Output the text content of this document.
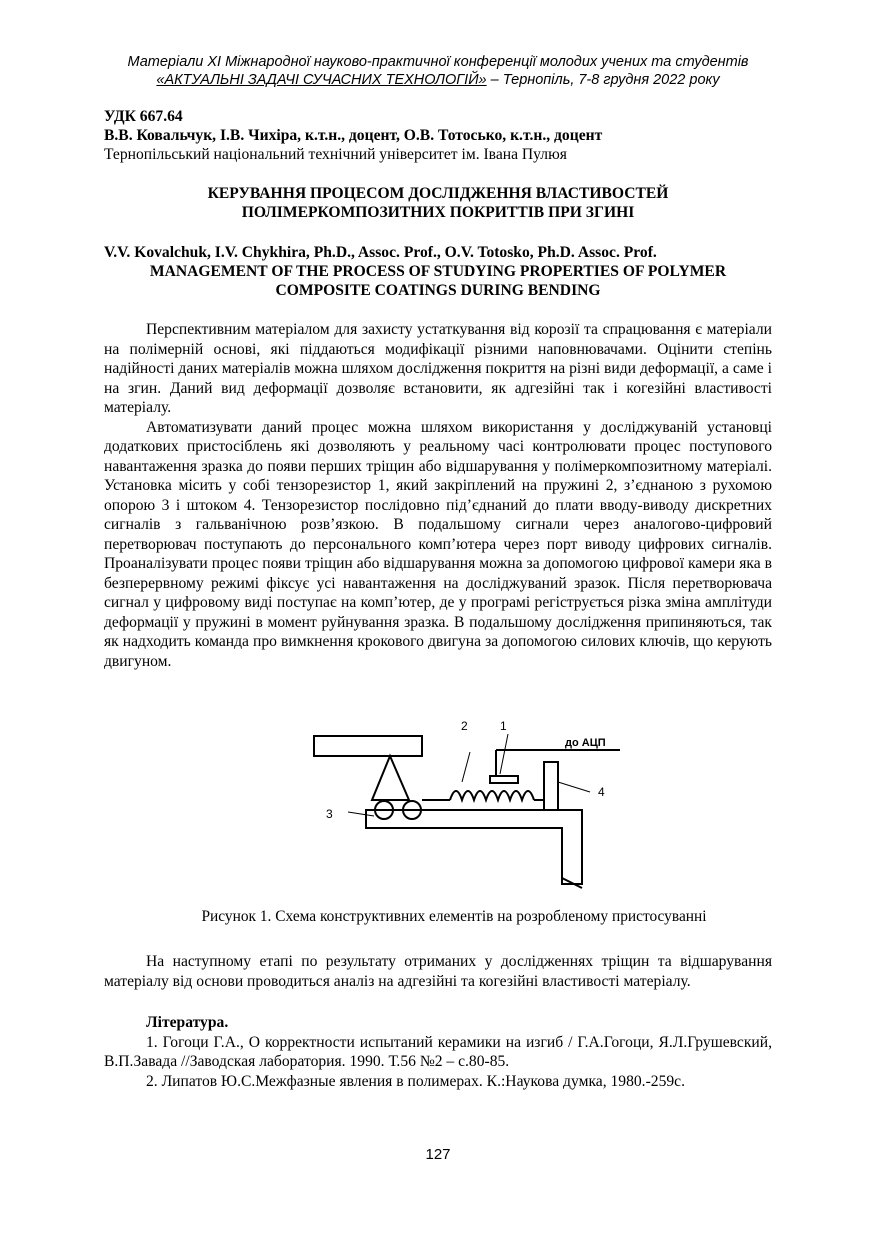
Матеріали XI Міжнародної науково-практичної конференції молодих учених та студентів
«АКТУАЛЬНІ ЗАДАЧІ СУЧАСНИХ ТЕХНОЛОГІЙ» – Тернопіль, 7-8 грудня 2022 року
УДК 667.64
В.В. Ковальчук, І.В. Чихіра, к.т.н., доцент, О.В. Тотосько, к.т.н., доцент
Тернопільський національний технічний університет ім. Івана Пулюя
КЕРУВАННЯ ПРОЦЕСОМ ДОСЛІДЖЕННЯ ВЛАСТИВОСТЕЙ
ПОЛІМЕРКОМПОЗИТНИХ ПОКРИТТІВ ПРИ ЗГИНІ
V.V. Kovalchuk, I.V. Chykhira, Ph.D., Assoc. Prof., O.V. Totosko, Ph.D. Assoc. Prof.
MANAGEMENT OF THE PROCESS OF STUDYING PROPERTIES OF POLYMER
COMPOSITE COATINGS DURING BENDING

Перспективним матеріалом для захисту устаткування від корозії та спрацювання є матеріали на полімерній основі, які піддаються модифікації різними наповнювачами. Оцінити степінь надійності даних матеріалів можна шляхом дослідження покриття на різні види деформації, а саме і на згин. Даний вид деформації дозволяє встановити, як адгезійні так і когезійні властивості матеріалу.

Автоматизувати даний процес можна шляхом використання у досліджуваній установці додаткових пристосіблень які дозволяють у реальному часі контролювати процес поступового навантаження зразка до появи перших тріщин або відшарування у полімеркомпозитному матеріалі. Установка місить у собі тензорезистор 1, який закріплений на пружині 2, з’єднаною з рухомою опорою 3 і штоком 4. Тензорезистор послідовно під’єднаний до плати вводу-виводу дискретних сигналів з гальванічною розв’язкою. В подальшому сигнали через аналогово-цифровий перетворювач поступають до персонального комп’ютера через порт виводу цифрових сигналів. Проаналізувати процес появи тріщин або відшарування можна за допомогою цифрової камери яка в безперервному режимі фіксує усі навантаження на досліджуваний зразок. Після перетворювача сигнал у цифровому виді поступає на комп’ютер, де у програмі регіструється різка зміна амплітуди деформації у пружині в момент руйнування зразка. В подальшому дослідження припиняються, так як надходить команда про вимкнення крокового двигуна за допомогою силових ключів, що керують двигуном.

2	1
до АЦП
4
3
Рисунок 1. Схема конструктивних елементів на розробленому пристосуванні

На наступному етапі по результату отриманих у дослідженнях тріщин та відшарування матеріалу від основи проводиться аналіз на адгезійні та когезійні властивості матеріалу.

Література.

1. Гогоци Г.А., О корректности испытаний керамики на изгиб / Г.А.Гогоци, Я.Л.Грушевский, В.П.Завада //Заводская лаборатория. 1990. Т.56 №2 – с.80-85.

2. Липатов Ю.С.Межфазные явления в полимерах. К.:Наукова думка, 1980.-259с.

127
